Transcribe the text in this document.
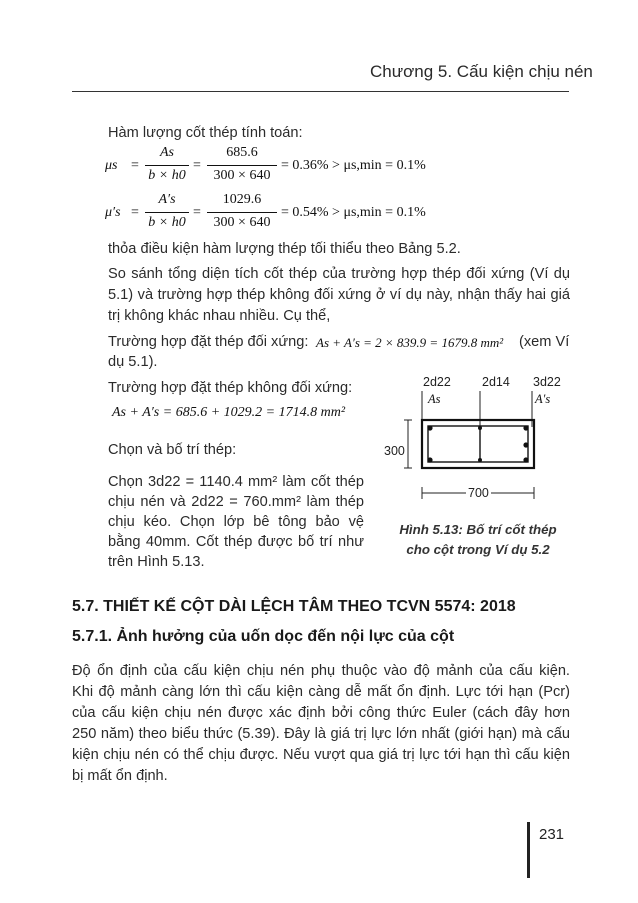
Chương 5. Cấu kiện chịu nén
Hàm lượng cốt thép tính toán:
μs =
As
b × h0
=
685.6
300 × 640
= 0.36% > μs,min = 0.1%
μ′s =
A′s
b × h0
=
1029.6
300 × 640
= 0.54% > μs,min = 0.1%
thỏa điều kiện hàm lượng thép tối thiểu theo Bảng 5.2.
So sánh tổng diện tích cốt thép của trường hợp thép đối xứng (Ví dụ
5.1) và trường hợp thép không đối xứng ở ví dụ này, nhận thấy hai giá
trị không khác nhau nhiều. Cụ thể,
Trường hợp đặt thép đối xứng: As + A′s = 2 × 839.9 = 1679.8 mm² (xem Ví
dụ 5.1).
Trường hợp đặt thép không đối xứng:
As + A′s = 685.6 + 1029.2 = 1714.8 mm²
Chọn và bố trí thép:
Chọn 3d22 = 1140.4 mm² làm cốt thép
chịu nén và 2d22 = 760.mm² làm thép
chịu kéo. Chọn lớp bê tông bảo vệ
bằng 40mm. Cốt thép được bố trí như
trên Hình 5.13.
2d22 2d14 3d22
As	A′s
300
700
Hình 5.13: Bố trí cốt thép
cho cột trong Ví dụ 5.2
5.7. THIẾT KẾ CỘT DÀI LỆCH TÂM THEO TCVN 5574: 2018
5.7.1. Ảnh hưởng của uốn dọc đến nội lực của cột
Độ ổn định của cấu kiện chịu nén phụ thuộc vào độ mảnh của cấu kiện.
Khi độ mảnh càng lớn thì cấu kiện càng dễ mất ổn định. Lực tới hạn (Pcr)
của cấu kiện chịu nén được xác định bởi công thức Euler (cách đây hơn
250 năm) theo biểu thức (5.39). Đây là giá trị lực lớn nhất (giới hạn) mà cấu
kiện chịu nén có thể chịu được. Nếu vượt qua giá trị lực tới hạn thì cấu kiện
bị mất ổn định.
231
